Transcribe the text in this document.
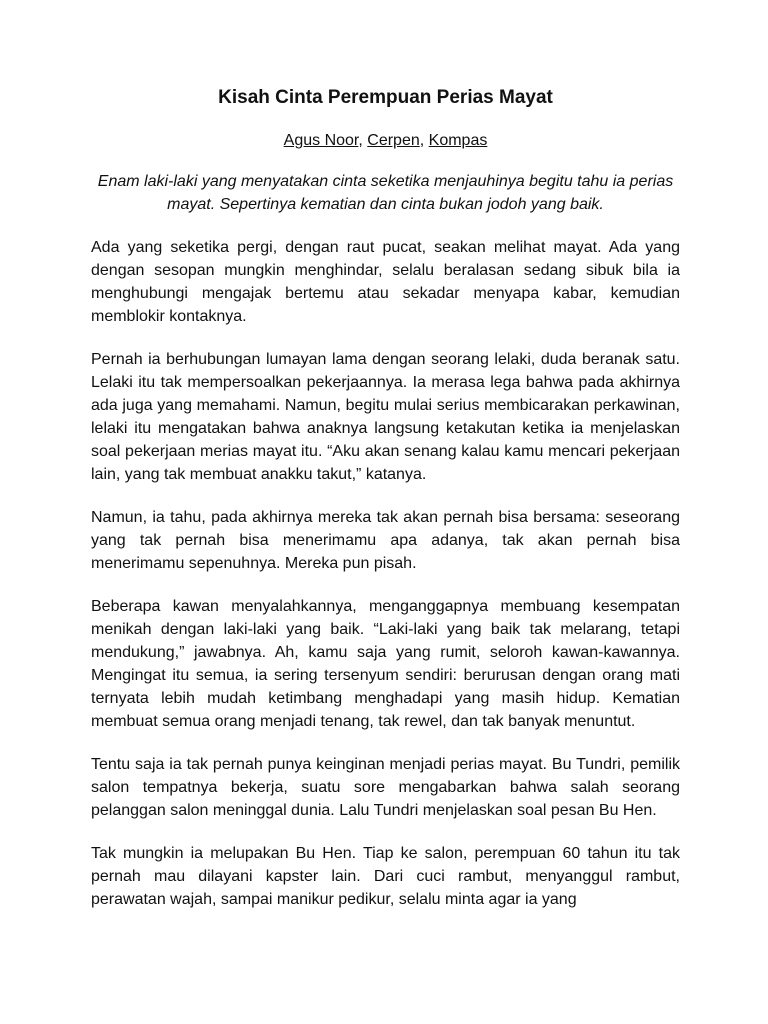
Kisah Cinta Perempuan Perias Mayat
Agus Noor, Cerpen, Kompas

Enam laki-laki yang menyatakan cinta seketika menjauhinya begitu tahu ia perias mayat. Sepertinya kematian dan cinta bukan jodoh yang baik.

Ada yang seketika pergi, dengan raut pucat, seakan melihat mayat. Ada yang dengan sesopan mungkin menghindar, selalu beralasan sedang sibuk bila ia menghubungi mengajak bertemu atau sekadar menyapa kabar, kemudian memblokir kontaknya.

Pernah ia berhubungan lumayan lama dengan seorang lelaki, duda beranak satu. Lelaki itu tak mempersoalkan pekerjaannya. Ia merasa lega bahwa pada akhirnya ada juga yang memahami. Namun, begitu mulai serius membicarakan perkawinan, lelaki itu mengatakan bahwa anaknya langsung ketakutan ketika ia menjelaskan soal pekerjaan merias mayat itu. “Aku akan senang kalau kamu mencari pekerjaan lain, yang tak membuat anakku takut,” katanya.

Namun, ia tahu, pada akhirnya mereka tak akan pernah bisa bersama: seseorang yang tak pernah bisa menerimamu apa adanya, tak akan pernah bisa menerimamu sepenuhnya. Mereka pun pisah.

Beberapa kawan menyalahkannya, menganggapnya membuang kesempatan menikah dengan laki-laki yang baik. “Laki-laki yang baik tak melarang, tetapi mendukung,” jawabnya. Ah, kamu saja yang rumit, seloroh kawan-kawannya. Mengingat itu semua, ia sering tersenyum sendiri: berurusan dengan orang mati ternyata lebih mudah ketimbang menghadapi yang masih hidup. Kematian membuat semua orang menjadi tenang, tak rewel, dan tak banyak menuntut.

Tentu saja ia tak pernah punya keinginan menjadi perias mayat. Bu Tundri, pemilik salon tempatnya bekerja, suatu sore mengabarkan bahwa salah seorang pelanggan salon meninggal dunia. Lalu Tundri menjelaskan soal pesan Bu Hen.

Tak mungkin ia melupakan Bu Hen. Tiap ke salon, perempuan 60 tahun itu tak pernah mau dilayani kapster lain. Dari cuci rambut, menyanggul rambut, perawatan wajah, sampai manikur pedikur, selalu minta agar ia yang
